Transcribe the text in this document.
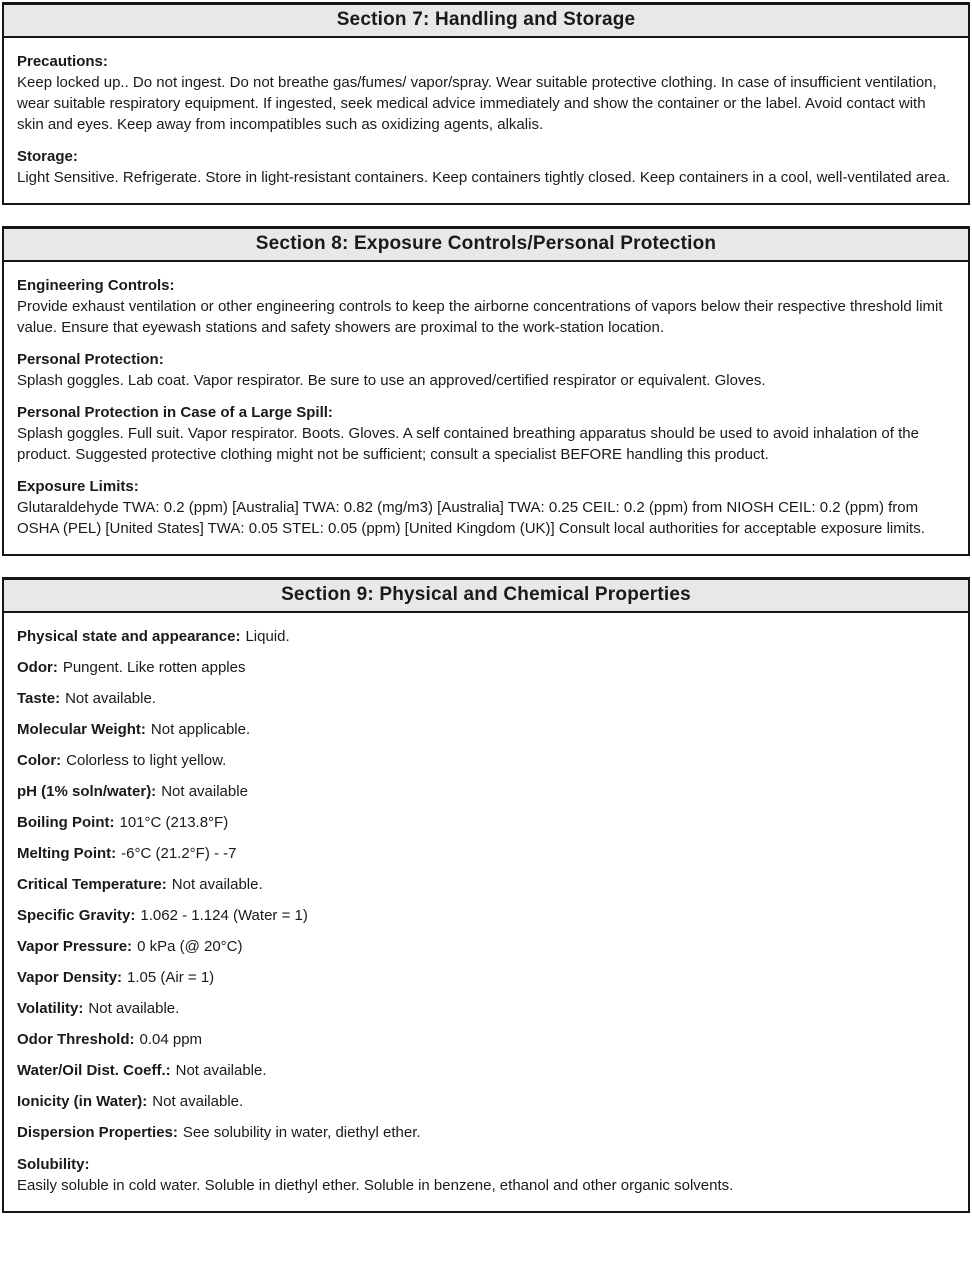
Section 7: Handling and Storage
Precautions:
Keep locked up.. Do not ingest. Do not breathe gas/fumes/ vapor/spray. Wear suitable protective clothing. In case of insufficient ventilation, wear suitable respiratory equipment. If ingested, seek medical advice immediately and show the container or the label. Avoid contact with skin and eyes. Keep away from incompatibles such as oxidizing agents, alkalis.
Storage:
Light Sensitive. Refrigerate. Store in light-resistant containers. Keep containers tightly closed. Keep containers in a cool, well-ventilated area.
Section 8: Exposure Controls/Personal Protection
Engineering Controls:
Provide exhaust ventilation or other engineering controls to keep the airborne concentrations of vapors below their respective threshold limit value. Ensure that eyewash stations and safety showers are proximal to the work-station location.
Personal Protection:
Splash goggles. Lab coat. Vapor respirator. Be sure to use an approved/certified respirator or equivalent. Gloves.
Personal Protection in Case of a Large Spill:
Splash goggles. Full suit. Vapor respirator. Boots. Gloves. A self contained breathing apparatus should be used to avoid inhalation of the product. Suggested protective clothing might not be sufficient; consult a specialist BEFORE handling this product.
Exposure Limits:
Glutaraldehyde TWA: 0.2 (ppm) [Australia] TWA: 0.82 (mg/m3) [Australia] TWA: 0.25 CEIL: 0.2 (ppm) from NIOSH CEIL: 0.2 (ppm) from OSHA (PEL) [United States] TWA: 0.05 STEL: 0.05 (ppm) [United Kingdom (UK)] Consult local authorities for acceptable exposure limits.
Section 9: Physical and Chemical Properties

Physical state and appearance: Liquid.

Odor: Pungent. Like rotten apples

Taste: Not available.

Molecular Weight: Not applicable.

Color: Colorless to light yellow.

pH (1% soln/water): Not available

Boiling Point: 101°C (213.8°F)

Melting Point: -6°C (21.2°F) - -7

Critical Temperature: Not available.

Specific Gravity: 1.062 - 1.124 (Water = 1)

Vapor Pressure: 0 kPa (@ 20°C)

Vapor Density: 1.05 (Air = 1)

Volatility: Not available.

Odor Threshold: 0.04 ppm

Water/Oil Dist. Coeff.: Not available.

Ionicity (in Water): Not available.

Dispersion Properties: See solubility in water, diethyl ether.

Solubility:
Easily soluble in cold water. Soluble in diethyl ether. Soluble in benzene, ethanol and other organic solvents.
